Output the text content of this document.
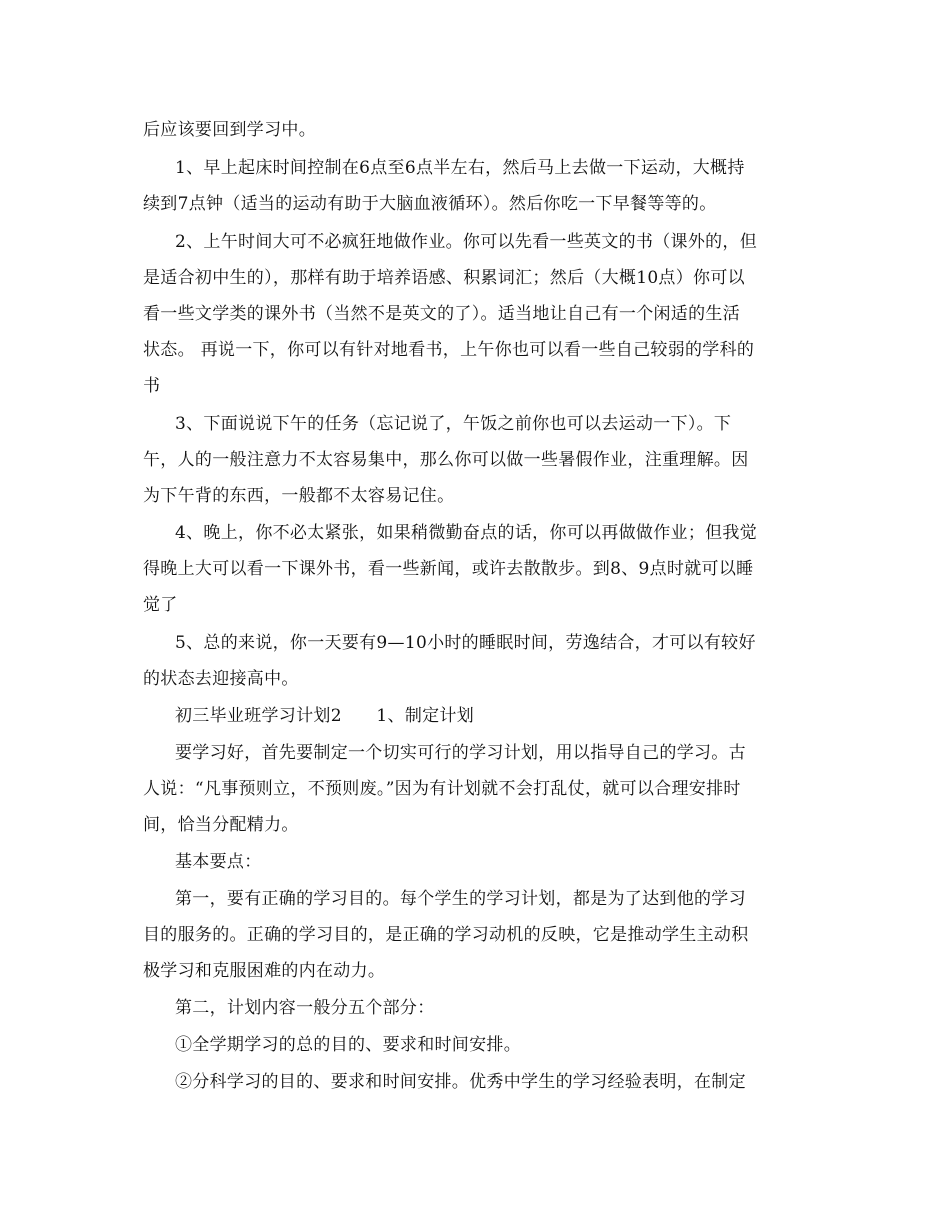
后应该要回到学习中。
1、早上起床时间控制在6点至6点半左右，然后马上去做一下运动，大概持
续到7点钟（适当的运动有助于大脑血液循环）。然后你吃一下早餐等等的。
2、上午时间大可不必疯狂地做作业。你可以先看一些英文的书（课外的，但
是适合初中生的），那样有助于培养语感、积累词汇；然后（大概10点）你可以
看一些文学类的课外书（当然不是英文的了）。适当地让自己有一个闲适的生活
状态。 再说一下，你可以有针对地看书，上午你也可以看一些自己较弱的学科的
书
3、下面说说下午的任务（忘记说了，午饭之前你也可以去运动一下）。下
午，人的一般注意力不太容易集中，那么你可以做一些暑假作业，注重理解。因
为下午背的东西，一般都不太容易记住。
4、晚上，你不必太紧张，如果稍微勤奋点的话，你可以再做做作业；但我觉
得晚上大可以看一下课外书，看一些新闻，或许去散散步。到8、9点时就可以睡
觉了
5、总的来说，你一天要有9—10小时的睡眠时间，劳逸结合，才可以有较好
的状态去迎接高中。
初三毕业班学习计划2　　1、制定计划
要学习好，首先要制定一个切实可行的学习计划，用以指导自己的学习。古
人说：“凡事预则立，不预则废。”因为有计划就不会打乱仗，就可以合理安排时
间，恰当分配精力。
基本要点：
第一，要有正确的学习目的。每个学生的学习计划，都是为了达到他的学习
目的服务的。正确的学习目的，是正确的学习动机的反映，它是推动学生主动积
极学习和克服困难的内在动力。
第二，计划内容一般分五个部分：
①全学期学习的总的目的、要求和时间安排。
②分科学习的目的、要求和时间安排。优秀中学生的学习经验表明，在制定
